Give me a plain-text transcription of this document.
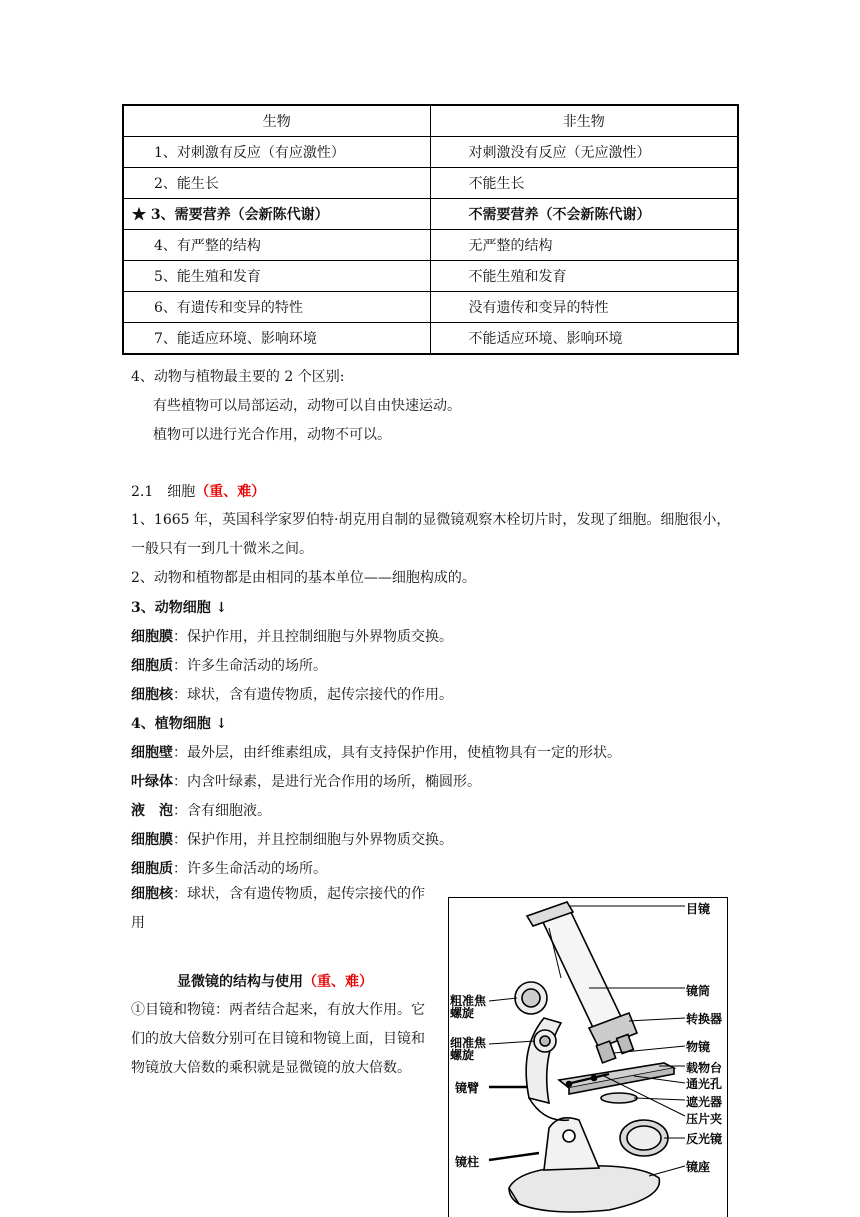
生物	非生物
1、对刺激有反应（有应激性）	对刺激没有反应（无应激性）
2、能生长	不能生长
★ 3、需要营养（会新陈代谢）	不需要营养（不会新陈代谢）
4、有严整的结构	无严整的结构
5、能生殖和发育	不能生殖和发育
6、有遗传和变异的特性	没有遗传和变异的特性
7、能适应环境、影响环境	不能适应环境、影响环境
4、动物与植物最主要的 2 个区别:
有些植物可以局部运动，动物可以自由快速运动。
植物可以进行光合作用，动物不可以。
2.1　细胞（重、难）
1、1665 年，英国科学家罗伯特·胡克用自制的显微镜观察木栓切片时，发现了细胞。细胞很小，一般只有一到几十微米之间。
2、动物和植物都是由相同的基本单位——细胞构成的。
3、动物细胞 ↓
细胞膜：保护作用，并且控制细胞与外界物质交换。
细胞质：许多生命活动的场所。
细胞核：球状，含有遗传物质，起传宗接代的作用。
4、植物细胞 ↓
细胞壁：最外层，由纤维素组成，具有支持保护作用，使植物具有一定的形状。
叶绿体：内含叶绿素，是进行光合作用的场所，椭圆形。
液　泡：含有细胞液。
细胞膜：保护作用，并且控制细胞与外界物质交换。
细胞质：许多生命活动的场所。
细胞核：球状，含有遗传物质，起传宗接代的作用
显微镜的结构与使用（重、难）
①目镜和物镜：两者结合起来，有放大作用。它们的放大倍数分别可在目镜和物镜上面，目镜和物镜放大倍数的乘积就是显微镜的放大倍数。
目镜
镜筒
转换器
物镜
载物台
通光孔
遮光器
压片夹
反光镜
镜座
粗准焦螺旋
细准焦螺旋
镜臂
镜柱
